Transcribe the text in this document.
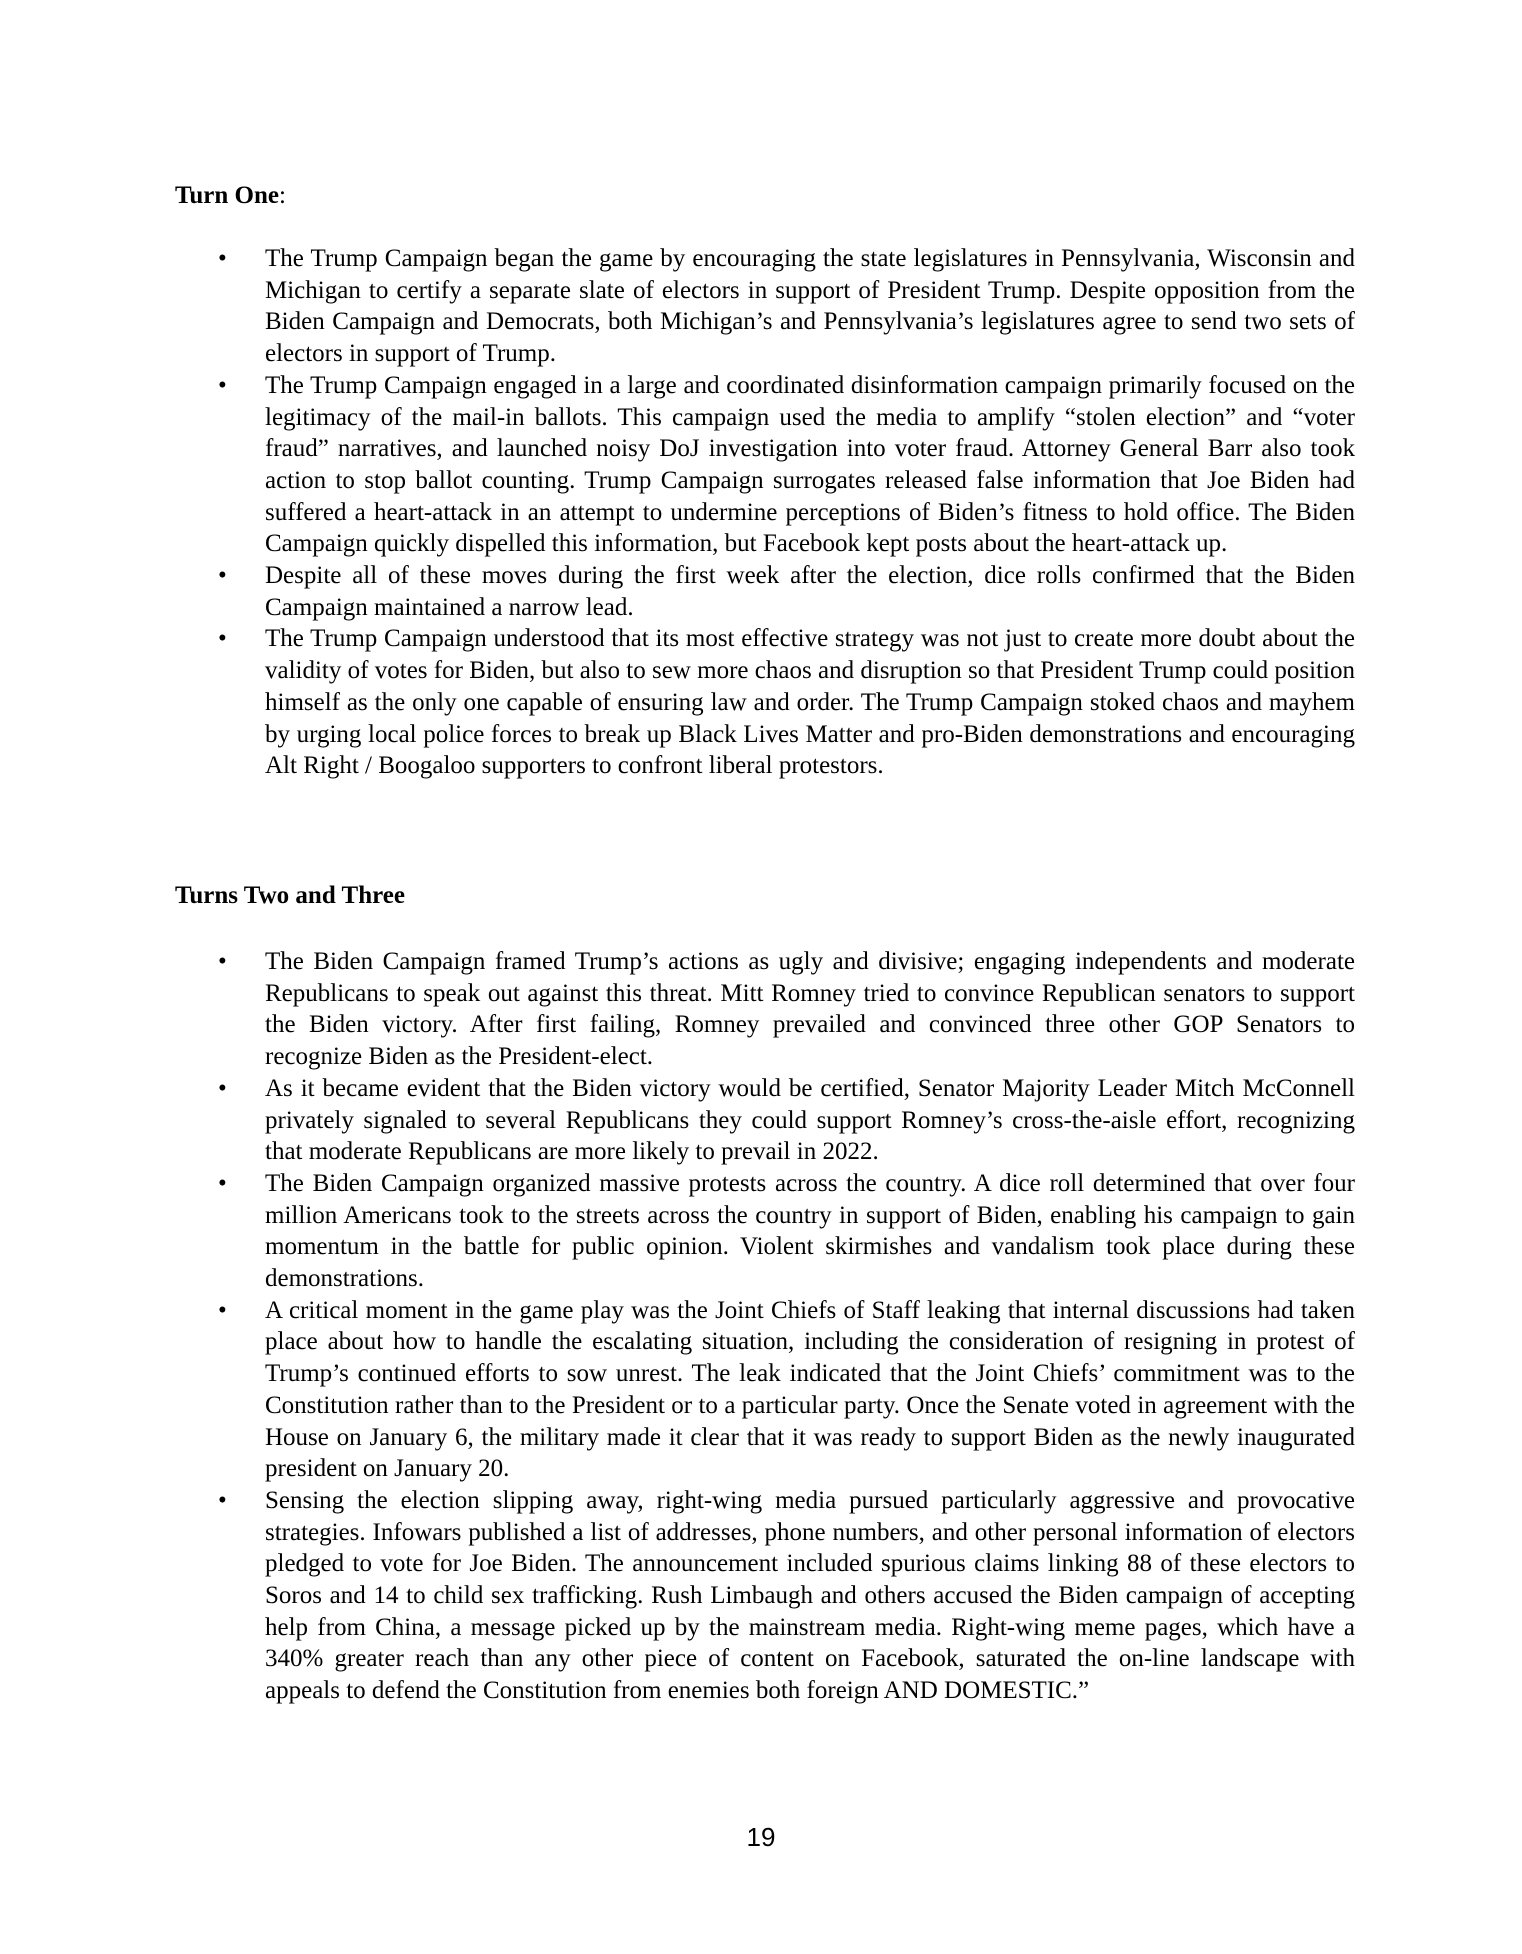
Turn One:
• The Trump Campaign began the game by encouraging the state legislatures in Pennsylvania, Wisconsin and Michigan to certify a separate slate of electors in support of President Trump. Despite opposition from the Biden Campaign and Democrats, both Michigan’s and Pennsylvania’s legislatures agree to send two sets of electors in support of Trump.
• The Trump Campaign engaged in a large and coordinated disinformation campaign primarily focused on the legitimacy of the mail-in ballots. This campaign used the media to amplify “stolen election” and “voter fraud” narratives, and launched noisy DoJ investigation into voter fraud. Attorney General Barr also took action to stop ballot counting. Trump Campaign surrogates released false information that Joe Biden had suffered a heart-attack in an attempt to undermine perceptions of Biden’s fitness to hold office. The Biden Campaign quickly dispelled this information, but Facebook kept posts about the heart-attack up.
• Despite all of these moves during the first week after the election, dice rolls confirmed that the Biden Campaign maintained a narrow lead.
• The Trump Campaign understood that its most effective strategy was not just to create more doubt about the validity of votes for Biden, but also to sew more chaos and disruption so that President Trump could position himself as the only one capable of ensuring law and order. The Trump Campaign stoked chaos and mayhem by urging local police forces to break up Black Lives Matter and pro-Biden demonstrations and encouraging Alt Right / Boogaloo supporters to confront liberal protestors.
Turns Two and Three
• The Biden Campaign framed Trump’s actions as ugly and divisive; engaging independents and moderate Republicans to speak out against this threat. Mitt Romney tried to convince Republican senators to support the Biden victory. After first failing, Romney prevailed and convinced three other GOP Senators to recognize Biden as the President-elect.
• As it became evident that the Biden victory would be certified, Senator Majority Leader Mitch McConnell privately signaled to several Republicans they could support Romney’s cross-the-aisle effort, recognizing that moderate Republicans are more likely to prevail in 2022.
• The Biden Campaign organized massive protests across the country. A dice roll determined that over four million Americans took to the streets across the country in support of Biden, enabling his campaign to gain momentum in the battle for public opinion. Violent skirmishes and vandalism took place during these demonstrations.
• A critical moment in the game play was the Joint Chiefs of Staff leaking that internal discussions had taken place about how to handle the escalating situation, including the consideration of resigning in protest of Trump’s continued efforts to sow unrest. The leak indicated that the Joint Chiefs’ commitment was to the Constitution rather than to the President or to a particular party. Once the Senate voted in agreement with the House on January 6, the military made it clear that it was ready to support Biden as the newly inaugurated president on January 20.
• Sensing the election slipping away, right-wing media pursued particularly aggressive and provocative strategies. Infowars published a list of addresses, phone numbers, and other personal information of electors pledged to vote for Joe Biden. The announcement included spurious claims linking 88 of these electors to Soros and 14 to child sex trafficking. Rush Limbaugh and others accused the Biden campaign of accepting help from China, a message picked up by the mainstream media. Right-wing meme pages, which have a 340% greater reach than any other piece of content on Facebook, saturated the on-line landscape with appeals to defend the Constitution from enemies both foreign AND DOMESTIC.”
19
